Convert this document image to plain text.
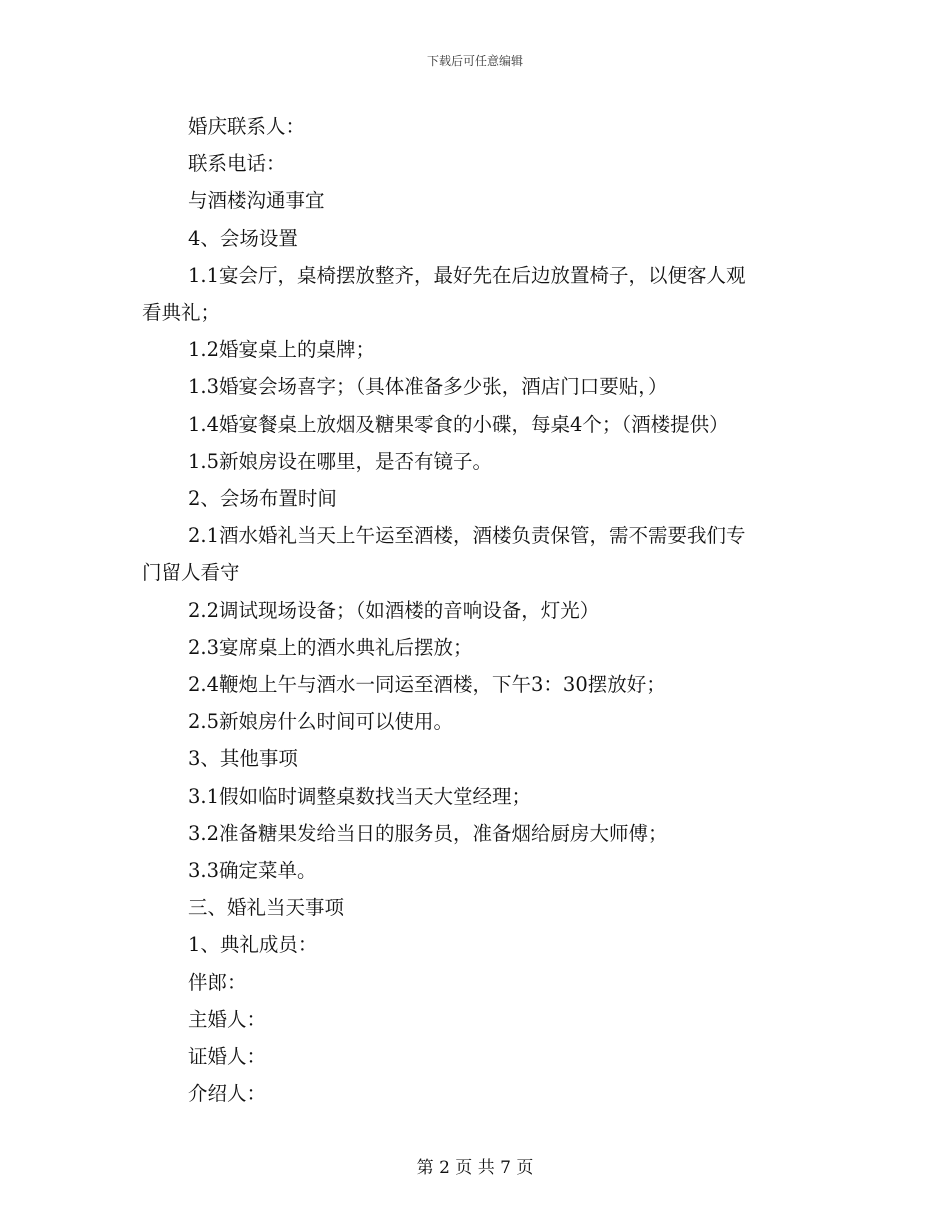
下载后可任意编辑

婚庆联系人：

联系电话：

与酒楼沟通事宜

4、会场设置

1.1宴会厅，桌椅摆放整齐，最好先在后边放置椅子，以便客人观

看典礼；

1.2婚宴桌上的桌牌；

1.3婚宴会场喜字；（具体准备多少张，酒店门口要贴，）

1.4婚宴餐桌上放烟及糖果零食的小碟，每桌4个；（酒楼提供）

1.5新娘房设在哪里，是否有镜子。

2、会场布置时间

2.1酒水婚礼当天上午运至酒楼，酒楼负责保管，需不需要我们专

门留人看守

2.2调试现场设备；（如酒楼的音响设备，灯光）

2.3宴席桌上的酒水典礼后摆放；

2.4鞭炮上午与酒水一同运至酒楼，下午3：30摆放好；

2.5新娘房什么时间可以使用。

3、其他事项

3.1假如临时调整桌数找当天大堂经理；

3.2准备糖果发给当日的服务员，准备烟给厨房大师傅；

3.3确定菜单。

三、婚礼当天事项

1、典礼成员：

伴郎：

主婚人：

证婚人：

介绍人：

第 2 页 共 7 页
